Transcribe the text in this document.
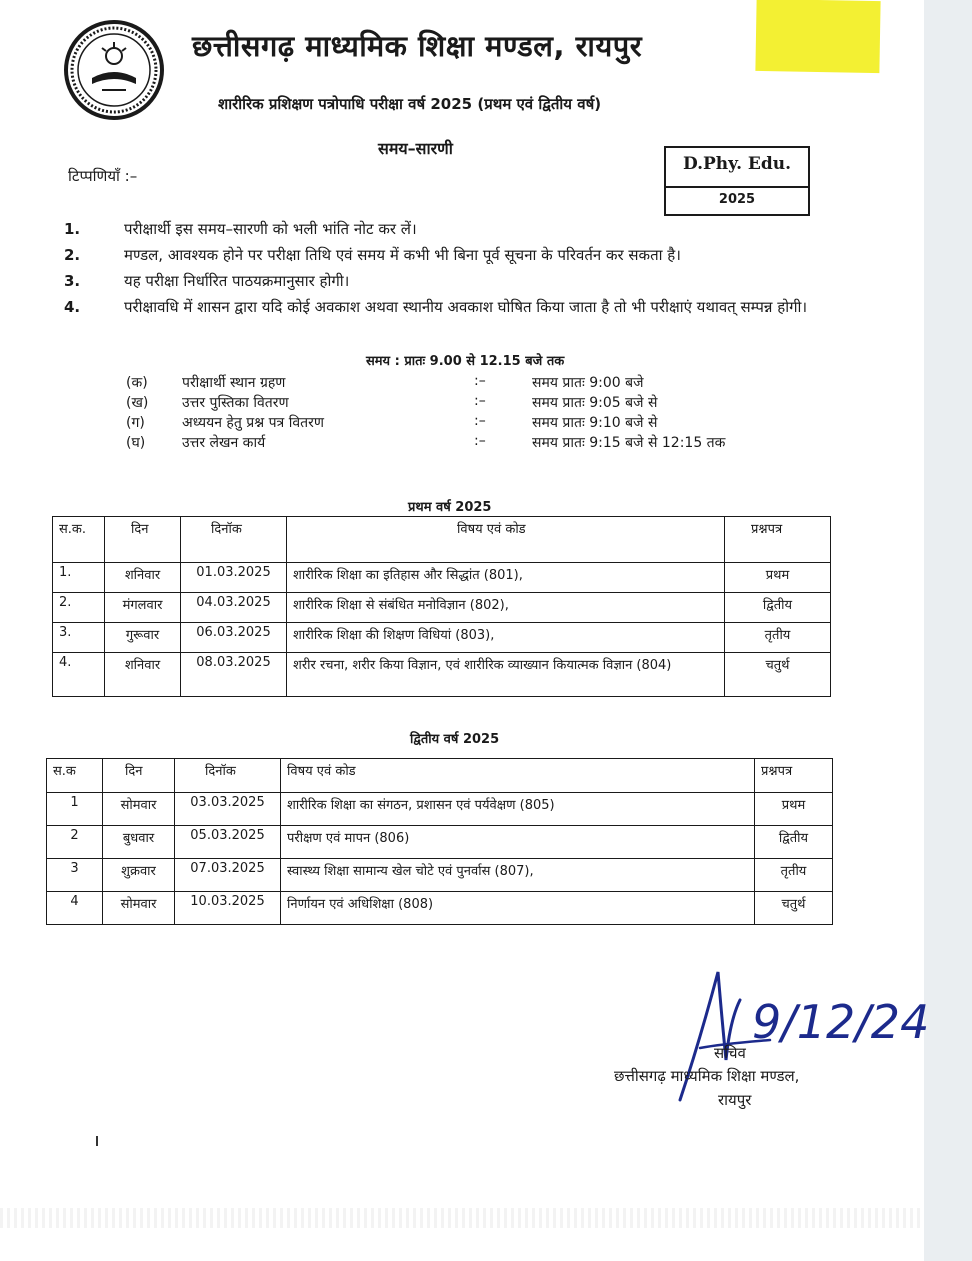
छत्तीसगढ़ माध्यमिक शिक्षा मण्डल, रायपुर
शारीरिक प्रशिक्षण पत्रोपाधि परीक्षा वर्ष 2025 (प्रथम एवं द्वितीय वर्ष)
समय–सारणी
टिप्पणियाँ :–
D.Phy. Edu.
2025
1.	परीक्षार्थी इस समय–सारणी को भली भांति नोट कर लें।
2.	मण्डल, आवश्यक होने पर परीक्षा तिथि एवं समय में कभी भी बिना पूर्व सूचना के परिवर्तन कर सकता है।
3.	यह परीक्षा निर्धारित पाठयक्रमानुसार होगी।
4.	परीक्षावधि में शासन द्वारा यदि कोई अवकाश अथवा स्थानीय अवकाश घोषित किया जाता है तो भी परीक्षाएं यथावत् सम्पन्न होगी।
समय : प्रातः 9.00 से 12.15 बजे तक
(क) परीक्षार्थी स्थान ग्रहण	:–	समय प्रातः 9:00 बजे
(ख) उत्तर पुस्तिका वितरण	:–	समय प्रातः 9:05 बजे से
(ग)	अध्ययन हेतु प्रश्न पत्र वितरण	:–	समय प्रातः 9:10 बजे से
(घ)	उत्तर लेखन कार्य	:–	समय प्रातः 9:15 बजे से 12:15 तक
प्रथम वर्ष 2025
स.क.	दिन	दिनॉक	विषय एवं कोड	प्रश्नपत्र
1.	शनिवार	01.03.2025	शारीरिक शिक्षा का इतिहास और सिद्धांत (801),	प्रथम
2.	मंगलवार	04.03.2025	शारीरिक शिक्षा से संबंधित मनोविज्ञान (802),	द्वितीय
3.	गुरूवार	06.03.2025	शारीरिक शिक्षा की शिक्षण विधियां (803),	तृतीय
4.	शनिवार	08.03.2025	शरीर रचना, शरीर किया विज्ञान, एवं शारीरिक व्याख्यान कियात्मक विज्ञान (804)	चतुर्थ
द्वितीय वर्ष 2025
स.क	दिन	दिनॉक	विषय एवं कोड	प्रश्नपत्र
1	सोमवार	03.03.2025	शारीरिक शिक्षा का संगठन, प्रशासन एवं पर्यवेक्षण (805)	प्रथम
2	बुधवार	05.03.2025	परीक्षण एवं मापन (806)	द्वितीय
3	शुक्रवार	07.03.2025	स्वास्थ्य शिक्षा सामान्य खेल चोटे एवं पुनर्वास (807),	तृतीय
4	सोमवार	10.03.2025	निर्णायन एवं अधिशिक्षा (808)	चतुर्थ
9/12/24
सचिव
छत्तीसगढ़ माध्यमिक शिक्षा मण्डल,
रायपुर
